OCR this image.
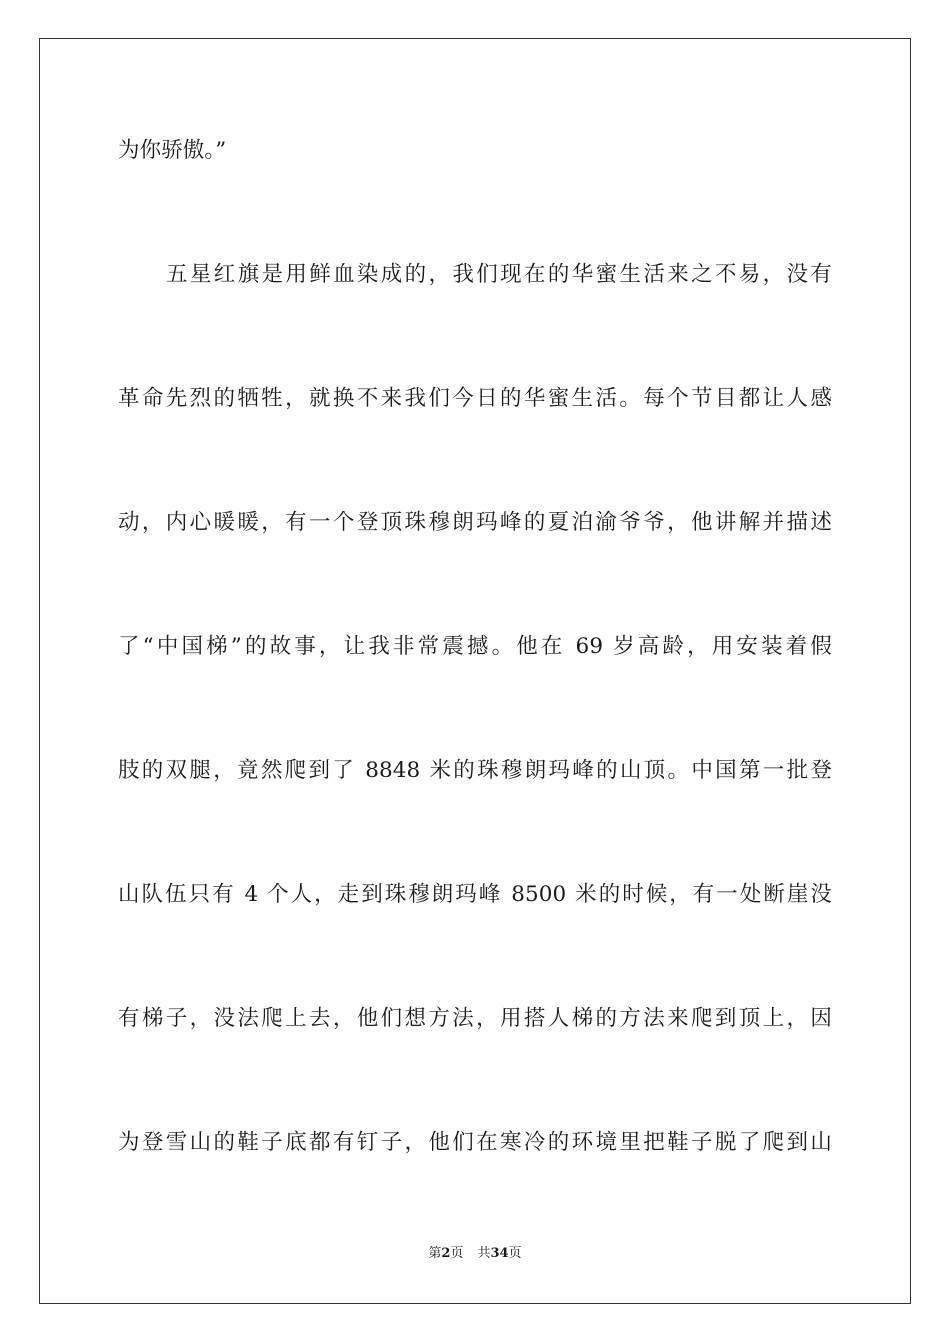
为你骄傲。”
五星红旗是用鲜血染成的，我们现在的华蜜生活来之不易，没有
革命先烈的牺牲，就换不来我们今日的华蜜生活。每个节目都让人感
动，内心暖暖，有一个登顶珠穆朗玛峰的夏泊渝爷爷，他讲解并描述
了“中国梯”的故事，让我非常震撼。他在 69 岁高龄，用安装着假
肢的双腿，竟然爬到了 8848 米的珠穆朗玛峰的山顶。中国第一批登
山队伍只有 4 个人，走到珠穆朗玛峰 8500 米的时候，有一处断崖没
有梯子，没法爬上去，他们想方法，用搭人梯的方法来爬到顶上，因
为登雪山的鞋子底都有钉子，他们在寒冷的环境里把鞋子脱了爬到山
第2页 共34页
